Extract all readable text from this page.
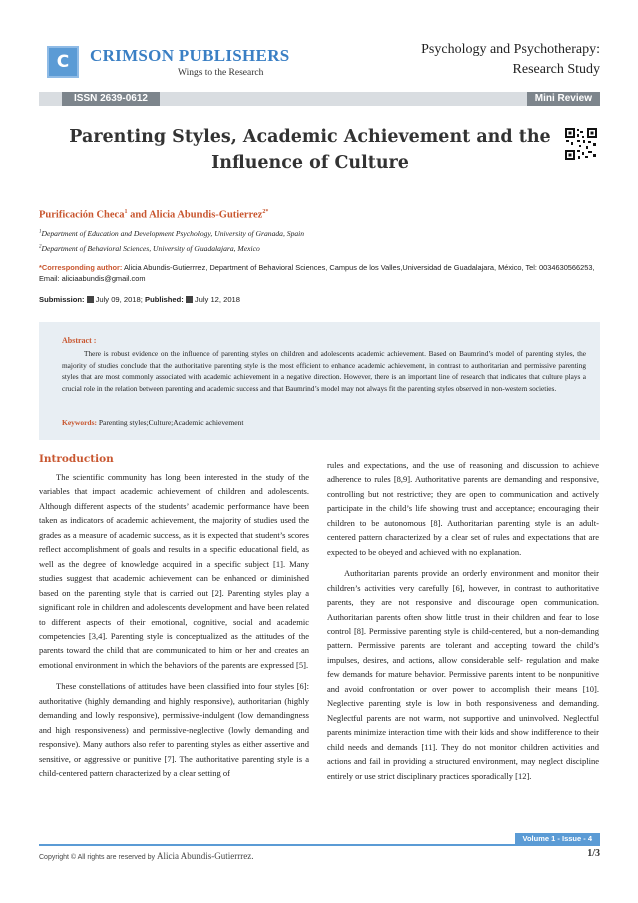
C	CRIMSON PUBLISHERS
Wings to the Research
Psychology and Psychotherapy:
Research Study
ISSN 2639-0612	Mini Review
Parenting Styles, Academic Achievement and the Influence of Culture
Purificación Checa$^1$ and Alicia Abundis-Gutierrez$^{2*}$
$^1$Department of Education and Development Psychology, University of Granada, Spain
$^2$Department of Behavioral Sciences, University of Guadalajara, Mexico
*Corresponding author: Alicia Abundis-Gutierrrez, Department of Behavioral Sciences, Campus de los Valles,Universidad de Guadalajara, México, Tel: 0034630566253, Email: aliciaabundis@gmail.com
Submission: July 09, 2018; Published: July 12, 2018
Abstract :
There is robust evidence on the influence of parenting styles on children and adolescents academic achievement. Based on Baumrind’s model of parenting styles, the majority of studies conclude that the authoritative parenting style is the most efficient to enhance academic achievement, in contrast to authoritarian and permissive parenting styles that are most commonly associated with academic achievement in a negative direction. However, there is an important line of research that indicates that culture plays a crucial role in the relation between parenting and academic success and that Baumrind’s model may not always fit the parenting styles observed in non-western societies.
Keywords: Parenting styles;Culture;Academic achievement
Introduction

The scientific community has long been interested in the study of the variables that impact academic achievement of children and adolescents. Although different aspects of the students’ academic performance have been taken as indicators of academic achievement, the majority of studies used the grades as a measure of academic success, as it is expected that student’s scores reflect accomplishment of goals and results in a specific educational field, as well as the degree of knowledge acquired in a specific subject [1]. Many studies suggest that academic achievement can be enhanced or diminished based on the parenting style that is carried out [2]. Parenting styles play a significant role in children and adolescents development and have been related to different aspects of their emotional, cognitive, social and academic competencies [3,4]. Parenting style is conceptualized as the attitudes of the parents toward the child that are communicated to him or her and creates an emotional environment in which the behaviors of the parents are expressed [5].

These constellations of attitudes have been classified into four styles [6]: authoritative (highly demanding and highly responsive), authoritarian (highly demanding and lowly responsive), permissive-indulgent (low demandingness and high responsiveness) and permissive-neglective (lowly demanding and responsive). Many authors also refer to parenting styles as either assertive and sensitive, or aggressive or punitive [7]. The authoritative parenting style is a child-centered pattern characterized by a clear setting of

rules and expectations, and the use of reasoning and discussion to achieve adherence to rules [8,9]. Authoritative parents are demanding and responsive, controlling but not restrictive; they are open to communication and actively participate in the child’s life showing trust and acceptance; encouraging their children to be autonomous [8]. Authoritarian parenting style is an adult-centered pattern characterized by a clear set of rules and expectations that are expected to be obeyed and achieved with no explanation.

Authoritarian parents provide an orderly environment and monitor their children’s activities very carefully [6], however, in contrast to authoritative parents, they are not responsive and discourage open communication. Authoritarian parents often show little trust in their children and fear to lose control [8]. Permissive parenting style is child-centered, but a non-demanding pattern. Permissive parents are tolerant and accepting toward the child’s impulses, desires, and actions, allow considerable self- regulation and make few demands for mature behavior. Permissive parents intent to be nonpunitive and avoid confrontation or over power to accomplish their means [10]. Neglective parenting style is low in both responsiveness and demanding. Neglectful parents are not warm, not supportive and uninvolved. Neglectful parents minimize interaction time with their kids and show indifference to their child needs and demands [11]. They do not monitor children activities and actions and fail in providing a structured environment, may neglect discipline entirely or use strict disciplinary practices sporadically [12].

Volume 1 - Issue - 4
Copyright © All rights are reserved by Alicia Abundis-Gutierrrez.	1/3
